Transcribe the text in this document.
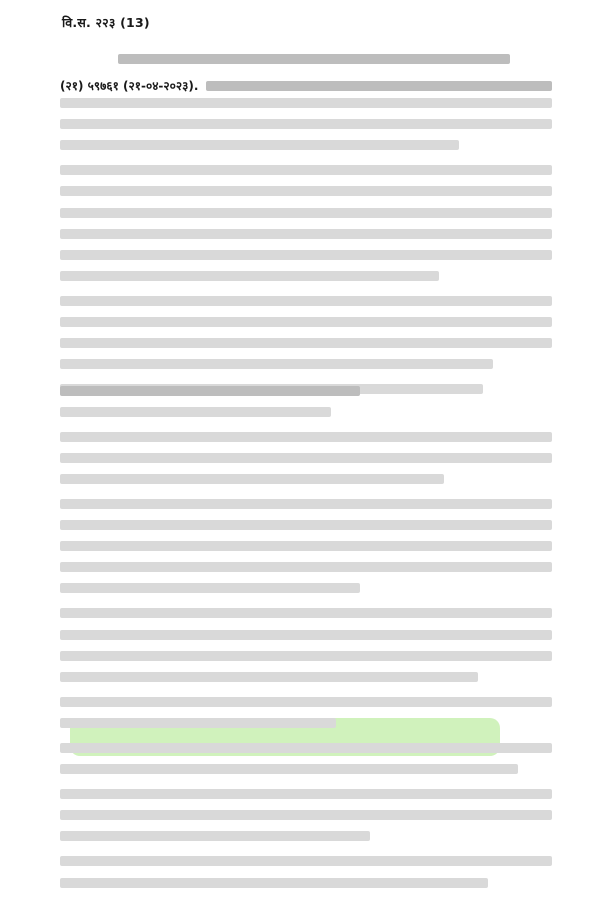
वि.स. २२३ (13)
(२१) ५९७६१ (२१-०४-२०२३).
